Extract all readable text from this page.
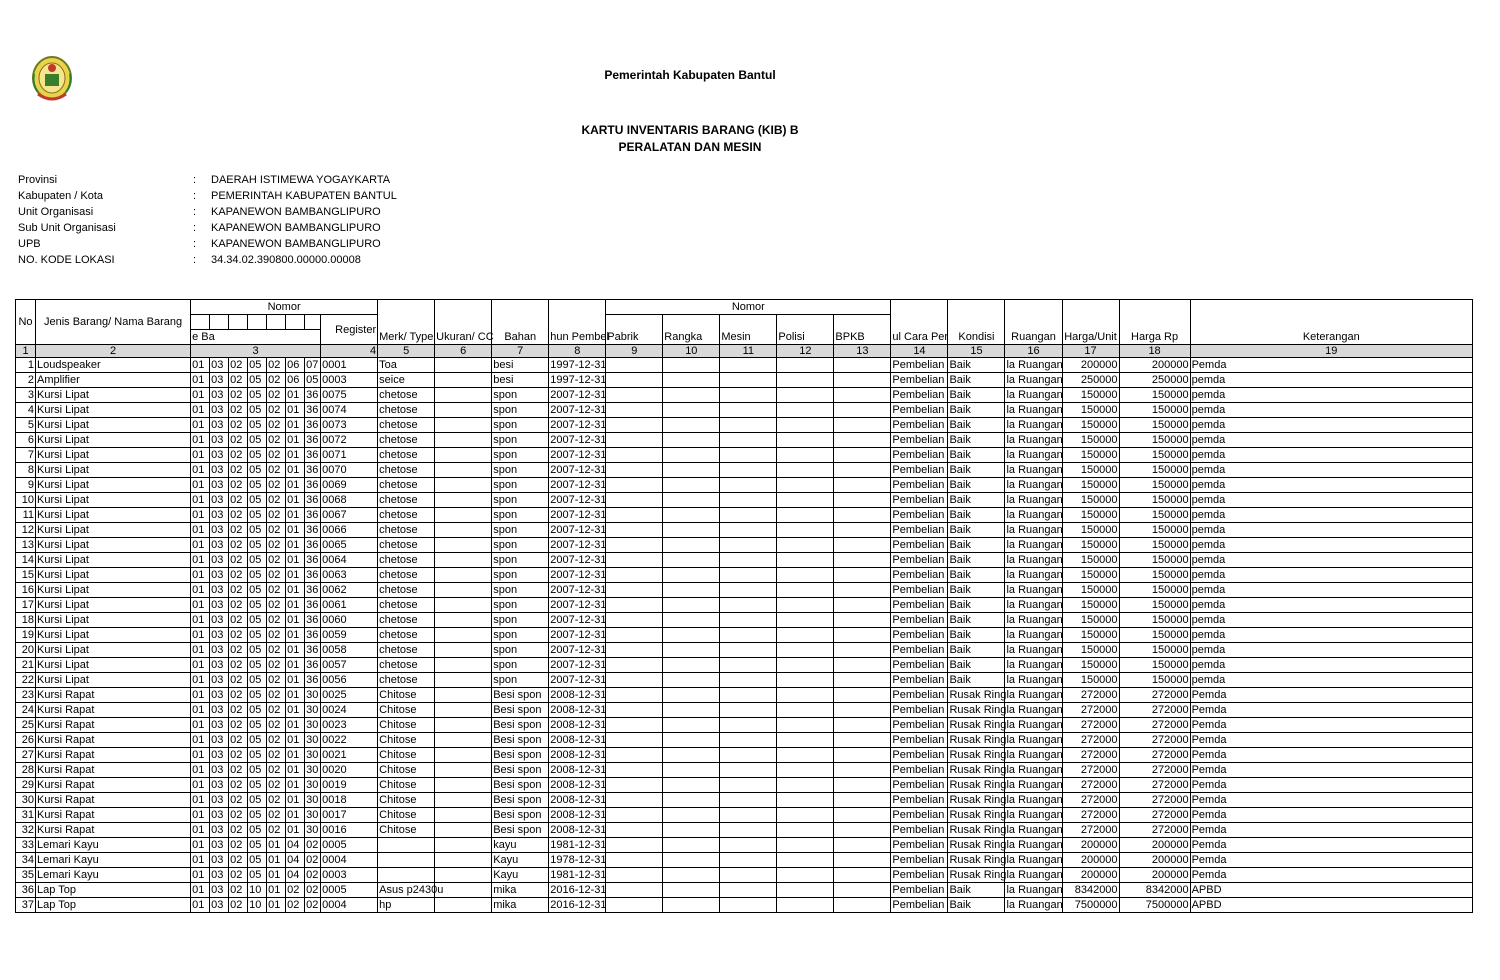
Pemerintah Kabupaten Bantul
KARTU INVENTARIS BARANG (KIB) B
PERALATAN DAN MESIN
Provinsi	: DAERAH ISTIMEWA YOGAYKARTA
Kabupaten / Kota	: PEMERINTAH KABUPATEN BANTUL
Unit Organisasi	: KAPANEWON BAMBANGLIPURO
Sub Unit Organisasi	: KAPANEWON BAMBANGLIPURO
UPB	: KAPANEWON BAMBANGLIPURO
NO. KODE LOKASI	: 34.34.02.390800.00000.00008
No	Jenis Barang/ Nama Barang	Nomor								Merk/ Type	Ukuran/ CC	Bahan	hun Pembel	Nomor					ul Cara Per	Kondisi	Ruangan	Harga/Unit	Harga Rp	Keterangan
									Register					Pabrik	Rangka	Mesin	Polisi	BPKB						
		e Ba																						
1	2	3							4	5	6	7	8	9	10	11	12	13	14	15	16	17	18	19
1	Loudspeaker	01	03	02	05	02	06	07	0001	Toa		besi	1997-12-31						Pembelian	Baik	la Ruangan	200000	200000	Pemda
2	Amplifier	01	03	02	05	02	06	05	0003	seice		besi	1997-12-31						Pembelian	Baik	la Ruangan	250000	250000	pemda
3	Kursi Lipat	01	03	02	05	02	01	36	0075	chetose		spon	2007-12-31						Pembelian	Baik	la Ruangan	150000	150000	pemda
4	Kursi Lipat	01	03	02	05	02	01	36	0074	chetose		spon	2007-12-31						Pembelian	Baik	la Ruangan	150000	150000	pemda
5	Kursi Lipat	01	03	02	05	02	01	36	0073	chetose		spon	2007-12-31						Pembelian	Baik	la Ruangan	150000	150000	pemda
6	Kursi Lipat	01	03	02	05	02	01	36	0072	chetose		spon	2007-12-31						Pembelian	Baik	la Ruangan	150000	150000	pemda
7	Kursi Lipat	01	03	02	05	02	01	36	0071	chetose		spon	2007-12-31						Pembelian	Baik	la Ruangan	150000	150000	pemda
8	Kursi Lipat	01	03	02	05	02	01	36	0070	chetose		spon	2007-12-31						Pembelian	Baik	la Ruangan	150000	150000	pemda
9	Kursi Lipat	01	03	02	05	02	01	36	0069	chetose		spon	2007-12-31						Pembelian	Baik	la Ruangan	150000	150000	pemda
10	Kursi Lipat	01	03	02	05	02	01	36	0068	chetose		spon	2007-12-31						Pembelian	Baik	la Ruangan	150000	150000	pemda
11	Kursi Lipat	01	03	02	05	02	01	36	0067	chetose		spon	2007-12-31						Pembelian	Baik	la Ruangan	150000	150000	pemda
12	Kursi Lipat	01	03	02	05	02	01	36	0066	chetose		spon	2007-12-31						Pembelian	Baik	la Ruangan	150000	150000	pemda
13	Kursi Lipat	01	03	02	05	02	01	36	0065	chetose		spon	2007-12-31						Pembelian	Baik	la Ruangan	150000	150000	pemda
14	Kursi Lipat	01	03	02	05	02	01	36	0064	chetose		spon	2007-12-31						Pembelian	Baik	la Ruangan	150000	150000	pemda
15	Kursi Lipat	01	03	02	05	02	01	36	0063	chetose		spon	2007-12-31						Pembelian	Baik	la Ruangan	150000	150000	pemda
16	Kursi Lipat	01	03	02	05	02	01	36	0062	chetose		spon	2007-12-31						Pembelian	Baik	la Ruangan	150000	150000	pemda
17	Kursi Lipat	01	03	02	05	02	01	36	0061	chetose		spon	2007-12-31						Pembelian	Baik	la Ruangan	150000	150000	pemda
18	Kursi Lipat	01	03	02	05	02	01	36	0060	chetose		spon	2007-12-31						Pembelian	Baik	la Ruangan	150000	150000	pemda
19	Kursi Lipat	01	03	02	05	02	01	36	0059	chetose		spon	2007-12-31						Pembelian	Baik	la Ruangan	150000	150000	pemda
20	Kursi Lipat	01	03	02	05	02	01	36	0058	chetose		spon	2007-12-31						Pembelian	Baik	la Ruangan	150000	150000	pemda
21	Kursi Lipat	01	03	02	05	02	01	36	0057	chetose		spon	2007-12-31						Pembelian	Baik	la Ruangan	150000	150000	pemda
22	Kursi Lipat	01	03	02	05	02	01	36	0056	chetose		spon	2007-12-31						Pembelian	Baik	la Ruangan	150000	150000	pemda
23	Kursi Rapat	01	03	02	05	02	01	30	0025	Chitose		Besi spon	2008-12-31						Pembelian	Rusak Ring	la Ruangan	272000	272000	Pemda
24	Kursi Rapat	01	03	02	05	02	01	30	0024	Chitose		Besi spon	2008-12-31						Pembelian	Rusak Ring	la Ruangan	272000	272000	Pemda
25	Kursi Rapat	01	03	02	05	02	01	30	0023	Chitose		Besi spon	2008-12-31						Pembelian	Rusak Ring	la Ruangan	272000	272000	Pemda
26	Kursi Rapat	01	03	02	05	02	01	30	0022	Chitose		Besi spon	2008-12-31						Pembelian	Rusak Ring	la Ruangan	272000	272000	Pemda
27	Kursi Rapat	01	03	02	05	02	01	30	0021	Chitose		Besi spon	2008-12-31						Pembelian	Rusak Ring	la Ruangan	272000	272000	Pemda
28	Kursi Rapat	01	03	02	05	02	01	30	0020	Chitose		Besi spon	2008-12-31						Pembelian	Rusak Ring	la Ruangan	272000	272000	Pemda
29	Kursi Rapat	01	03	02	05	02	01	30	0019	Chitose		Besi spon	2008-12-31						Pembelian	Rusak Ring	la Ruangan	272000	272000	Pemda
30	Kursi Rapat	01	03	02	05	02	01	30	0018	Chitose		Besi spon	2008-12-31						Pembelian	Rusak Ring	la Ruangan	272000	272000	Pemda
31	Kursi Rapat	01	03	02	05	02	01	30	0017	Chitose		Besi spon	2008-12-31						Pembelian	Rusak Ring	la Ruangan	272000	272000	Pemda
32	Kursi Rapat	01	03	02	05	02	01	30	0016	Chitose		Besi spon	2008-12-31						Pembelian	Rusak Ring	la Ruangan	272000	272000	Pemda
33	Lemari Kayu	01	03	02	05	01	04	02	0005			kayu	1981-12-31						Pembelian	Rusak Ring	la Ruangan	200000	200000	Pemda
34	Lemari Kayu	01	03	02	05	01	04	02	0004			Kayu	1978-12-31						Pembelian	Rusak Ring	la Ruangan	200000	200000	Pemda
35	Lemari Kayu	01	03	02	05	01	04	02	0003			Kayu	1981-12-31						Pembelian	Rusak Ring	la Ruangan	200000	200000	Pemda
36	Lap Top	01	03	02	10	01	02	02	0005	Asus p2430u		mika	2016-12-31						Pembelian	Baik	la Ruangan	8342000	8342000	APBD
37	Lap Top	01	03	02	10	01	02	02	0004	hp		mika	2016-12-31						Pembelian	Baik	la Ruangan	7500000	7500000	APBD
